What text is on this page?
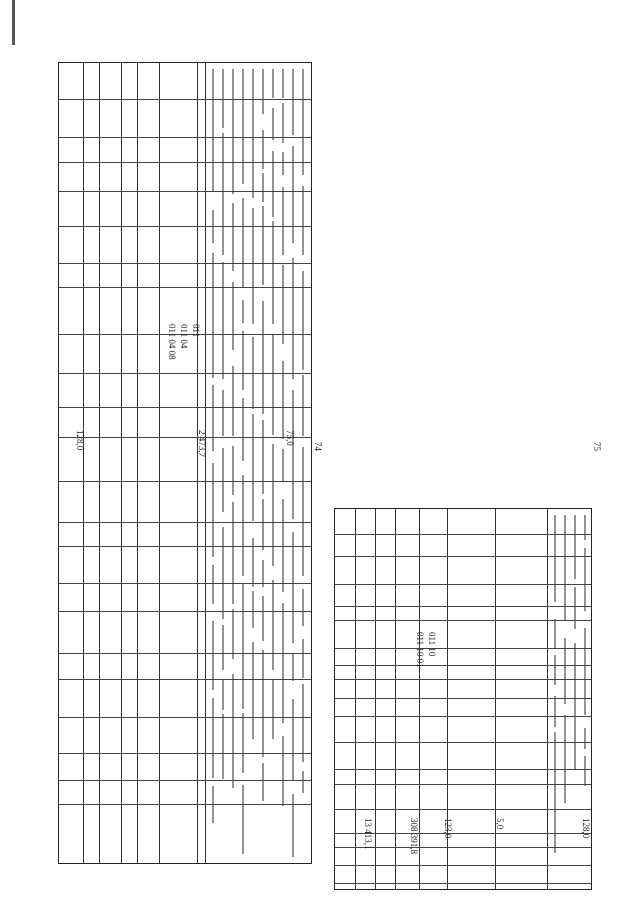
74
011
011 04
011 04 08
75,0
128,0	2 473,7	75
011 10
011 10 01
128,0
5,0
123,0
308 391,8
13 413,1
